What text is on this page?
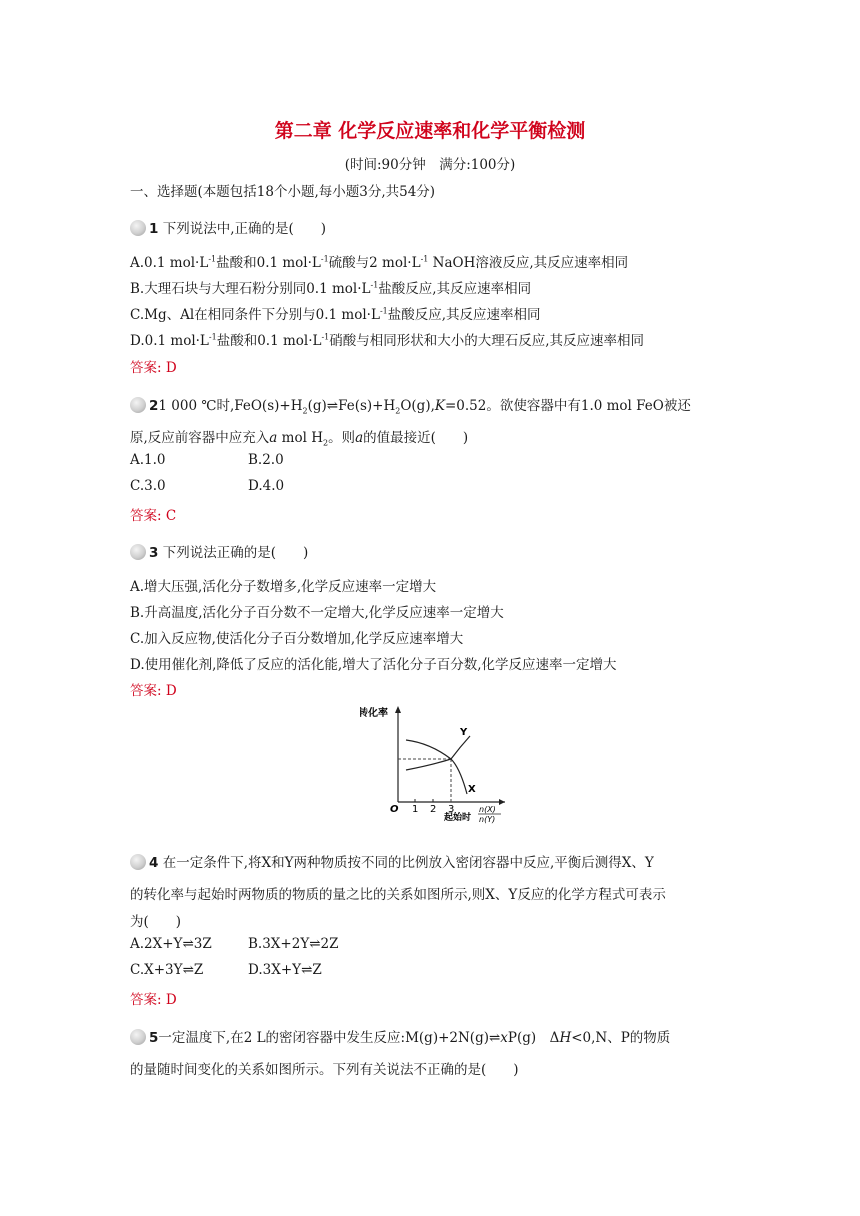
第二章 化学反应速率和化学平衡检测
(时间:90分钟　满分:100分)
一、选择题(本题包括18个小题,每小题3分,共54分)
1 下列说法中,正确的是(　　)
A.0.1 $mol\cdot L^{-1}$盐酸和0.1 $mol\cdot L^{-1}$硫酸与2 $mol\cdot L^{-1}$ NaOH溶液反应,其反应速率相同
B.大理石块与大理石粉分别同0.1 $mol\cdot L^{-1}$盐酸反应,其反应速率相同
C.Mg、Al在相同条件下分别与0.1 $mol\cdot L^{-1}$盐酸反应,其反应速率相同
D.0.1 $mol\cdot L^{-1}$盐酸和0.1 $mol\cdot L^{-1}$硝酸与相同形状和大小的大理石反应,其反应速率相同
答案: D
21 000 ℃时$,FeO(s)+H_2(g)\rightleftharpoons Fe(s)+H_2O(g),K=0.52$。欲使容器中有1.0 mol FeO被还
原,反应前容器中应充入a mol $H_2$。则a的值最接近(　　)
A.1.0	B.2.0
C.3.0	D.4.0
答案: C
3 下列说法正确的是(　　)
A.增大压强,活化分子数增多,化学反应速率一定增大
B.升高温度,活化分子百分数不一定增大,化学反应速率一定增大
C.加入反应物,使活化分子百分数增加,化学反应速率增大
D.使用催化剂,降低了反应的活化能,增大了活化分子百分数,化学反应速率一定增大
答案: D
转化率
O 1 2 3
Y
X
起始时
n(X)
n(Y)
4 在一定条件下,将X和Y两种物质按不同的比例放入密闭容器中反应,平衡后测得X、Y
的转化率与起始时两物质的物质的量之比的关系如图所示,则X、Y反应的化学方程式可表示
为(　　)
A.2X+Y⇌3Z	B.3X+2Y⇌2Z
C.X+3Y⇌Z	D.3X+Y⇌Z
答案: D
5一定温度下,在2 L的密闭容器中发生反应:M(g)+2N(g)⇌xP(g)　ΔH<0,N、P的物质
的量随时间变化的关系如图所示。下列有关说法不正确的是(　　)
